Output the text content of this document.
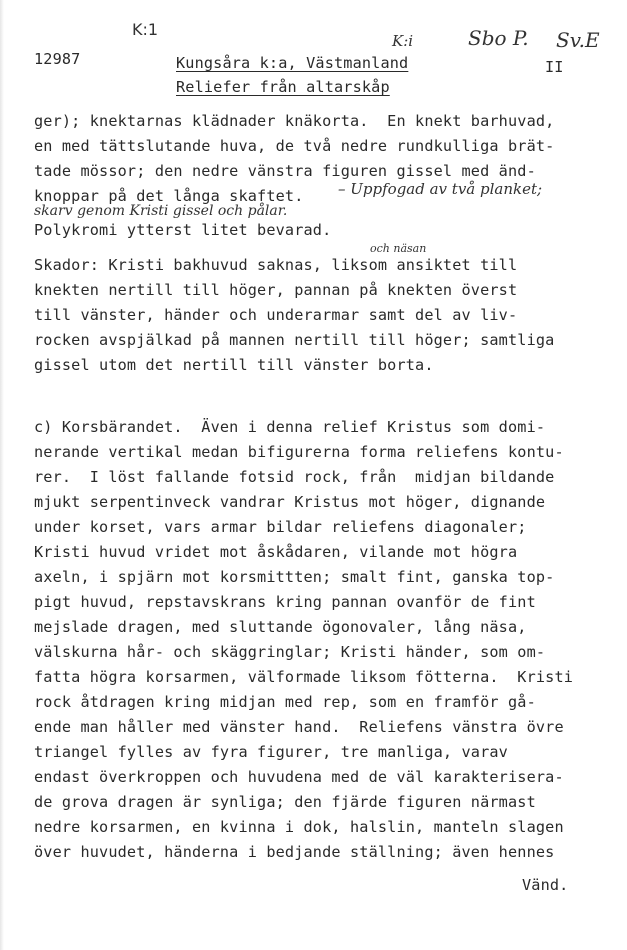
K:1
12987	Kungsåra k:a, Västmanland
Reliefer från altarskåp
II
K:i	Sbo P. Sv.E
ger); knektarnas klädnader knäkorta.  En knekt barhuvad,
en med tättslutande huva, de två nedre rundkulliga brät-
tade mössor; den nedre vänstra figuren gissel med änd-
knoppar på det långa skaftet. – Uppfogad av två planket;
skarv genom Kristi gissel och pålar.
Polykromi ytterst litet bevarad.
Skador: Kristi bakhuvud saknas, liksom ansiktet till
och näsan
knekten nertill till höger, pannan på knekten överst
till vänster, händer och underarmar samt del av liv-
rocken avspjälkad på mannen nertill till höger; samtliga
gissel utom det nertill till vänster borta.
c) Korsbärandet.  Även i denna relief Kristus som domi-
nerande vertikal medan bifigurerna forma reliefens kontu-
rer.  I löst fallande fotsid rock, från  midjan bildande
mjukt serpentinveck vandrar Kristus mot höger, dignande
under korset, vars armar bildar reliefens diagonaler;
Kristi huvud vridet mot åskådaren, vilande mot högra
axeln, i spjärn mot korsmittten; smalt fint, ganska top-
pigt huvud, repstavskrans kring pannan ovanför de fint
mejslade dragen, med sluttande ögonovaler, lång näsa,
välskurna hår- och skäggringlar; Kristi händer, som om-
fatta högra korsarmen, välformade liksom fötterna.  Kristi
rock åtdragen kring midjan med rep, som en framför gå-
ende man håller med vänster hand.  Reliefens vänstra övre
triangel fylles av fyra figurer, tre manliga, varav
endast överkroppen och huvudena med de väl karakterisera-
de grova dragen är synliga; den fjärde figuren närmast
nedre korsarmen, en kvinna i dok, halslin, manteln slagen
över huvudet, händerna i bedjande ställning; även hennes
Vänd.
